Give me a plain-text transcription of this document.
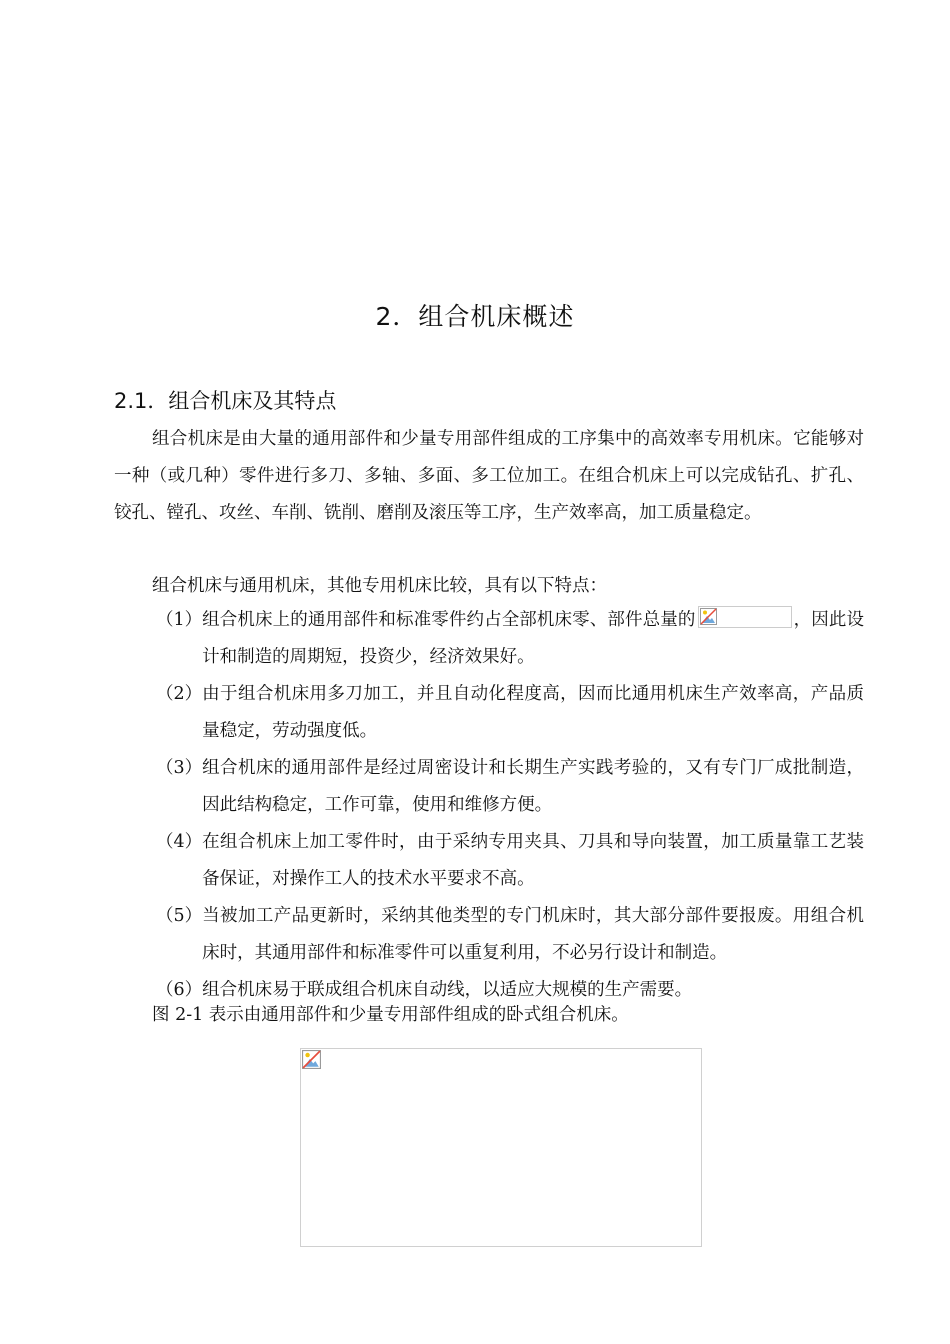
2．组合机床概述
2.1．组合机床及其特点
组合机床是由大量的通用部件和少量专用部件组成的工序集中的高效率专用机床。它能够对一种（或几种）零件进行多刀、多轴、多面、多工位加工。在组合机床上可以完成钻孔、扩孔、铰孔、镗孔、攻丝、车削、铣削、磨削及滚压等工序，生产效率高，加工质量稳定。
组合机床与通用机床，其他专用机床比较，具有以下特点：
（1） 组合机床上的通用部件和标准零件约占全部机床零、部件总量的	，因此设计和制造的周期短，投资少，经济效果好。
（2） 由于组合机床用多刀加工，并且自动化程度高，因而比通用机床生产效率高，产品质量稳定，劳动强度低。
（3） 组合机床的通用部件是经过周密设计和长期生产实践考验的，又有专门厂成批制造，因此结构稳定，工作可靠，使用和维修方便。
（4） 在组合机床上加工零件时，由于采纳专用夹具、刀具和导向装置，加工质量靠工艺装备保证，对操作工人的技术水平要求不高。
（5） 当被加工产品更新时，采纳其他类型的专门机床时，其大部分部件要报废。用组合机床时，其通用部件和标准零件可以重复利用，不必另行设计和制造。
（6） 组合机床易于联成组合机床自动线，以适应大规模的生产需要。
图 2-1 表示由通用部件和少量专用部件组成的卧式组合机床。
